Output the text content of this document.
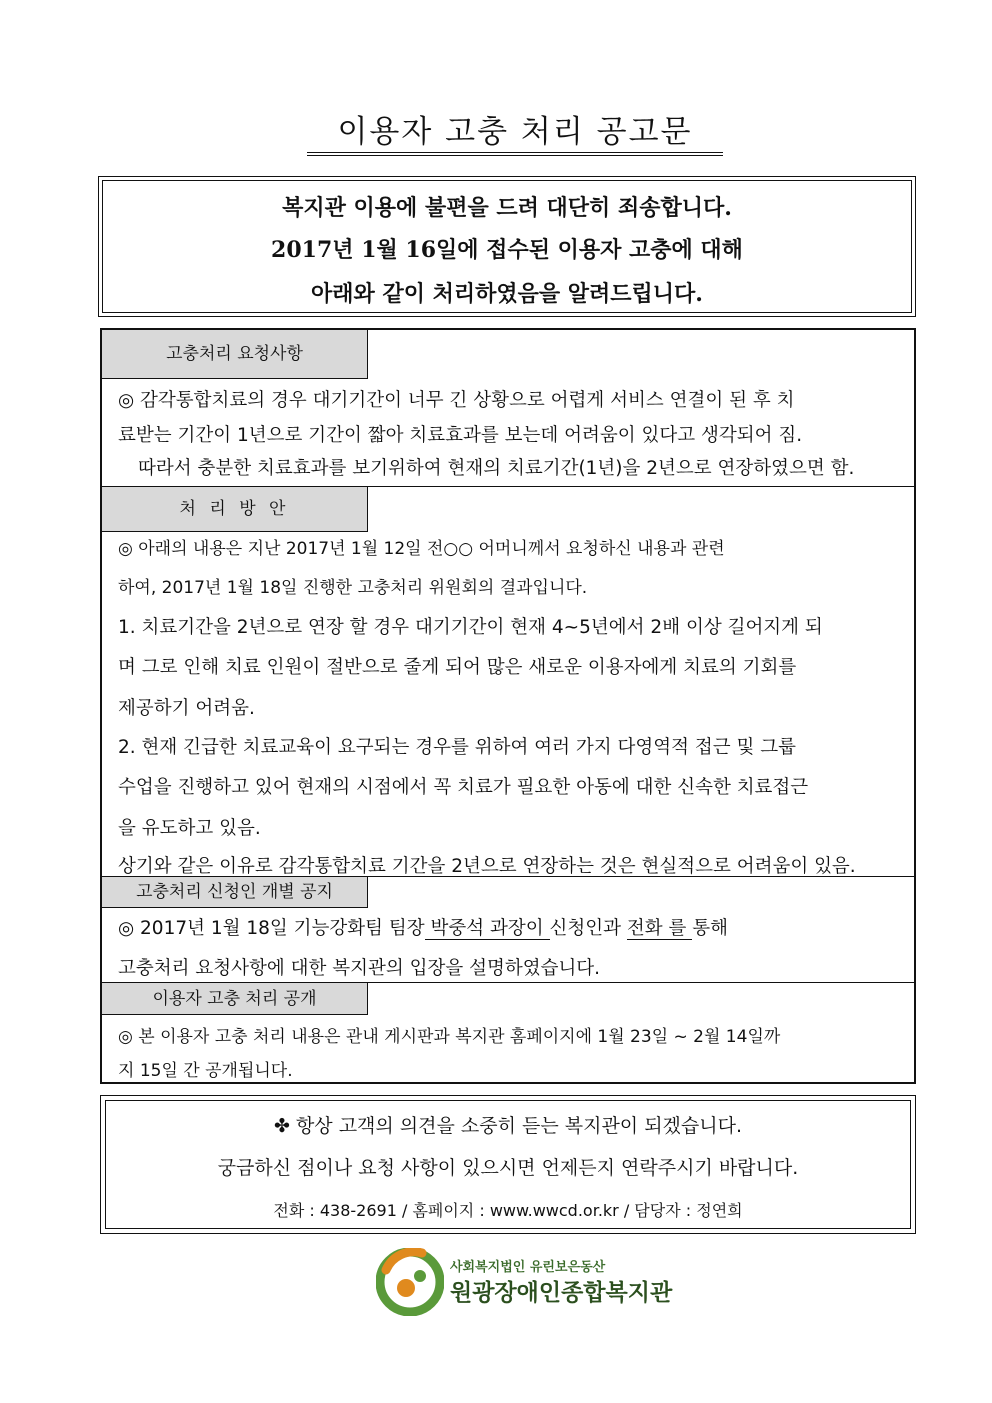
이용자 고충 처리 공고문
복지관 이용에 불편을 드려 대단히 죄송합니다.
2017년 1월 16일에 접수된 이용자 고충에 대해
아래와 같이 처리하였음을 알려드립니다.
고충처리 요청사항
◎ 감각통합치료의 경우 대기기간이 너무 긴 상황으로 어렵게 서비스 연결이 된 후 치
료받는 기간이 1년으로 기간이 짧아 치료효과를 보는데 어려움이 있다고 생각되어 짐.
따라서 충분한 치료효과를 보기위하여 현재의 치료기간(1년)을 2년으로 연장하였으면 함.
처 리 방 안
◎ 아래의 내용은 지난 2017년 1월 12일 전○○ 어머니께서 요청하신 내용과 관련
하여, 2017년 1월 18일 진행한 고충처리 위원회의 결과입니다.
1. 치료기간을 2년으로 연장 할 경우 대기기간이 현재 4~5년에서 2배 이상 길어지게 되
며 그로 인해 치료 인원이 절반으로 줄게 되어 많은 새로운 이용자에게 치료의 기회를
제공하기 어려움.
2. 현재 긴급한 치료교육이 요구되는 경우를 위하여 여러 가지 다영역적 접근 및 그룹
수업을 진행하고 있어 현재의 시점에서 꼭 치료가 필요한 아동에 대한 신속한 치료접근
을 유도하고 있음.
상기와 같은 이유로 감각통합치료 기간을 2년으로 연장하는 것은 현실적으로 어려움이 있음.
고충처리 신청인 개별 공지
◎ 2017년 1월 18일 기능강화팀 팀장 박중석 과장이 신청인과 전화 를 통해
고충처리 요청사항에 대한 복지관의 입장을 설명하였습니다.
이용자 고충 처리 공개
◎ 본 이용자 고충 처리 내용은 관내 게시판과 복지관 홈페이지에 1월 23일 ~ 2월 14일까
지 15일 간 공개됩니다.
✤ 항상 고객의 의견을 소중히 듣는 복지관이 되겠습니다.
궁금하신 점이나 요청 사항이 있으시면 언제든지 연락주시기 바랍니다.
전화 : 438-2691 / 홈페이지 : www.wwcd.or.kr / 담당자 : 정연희
사회복지법인 유린보은동산
원광장애인종합복지관
